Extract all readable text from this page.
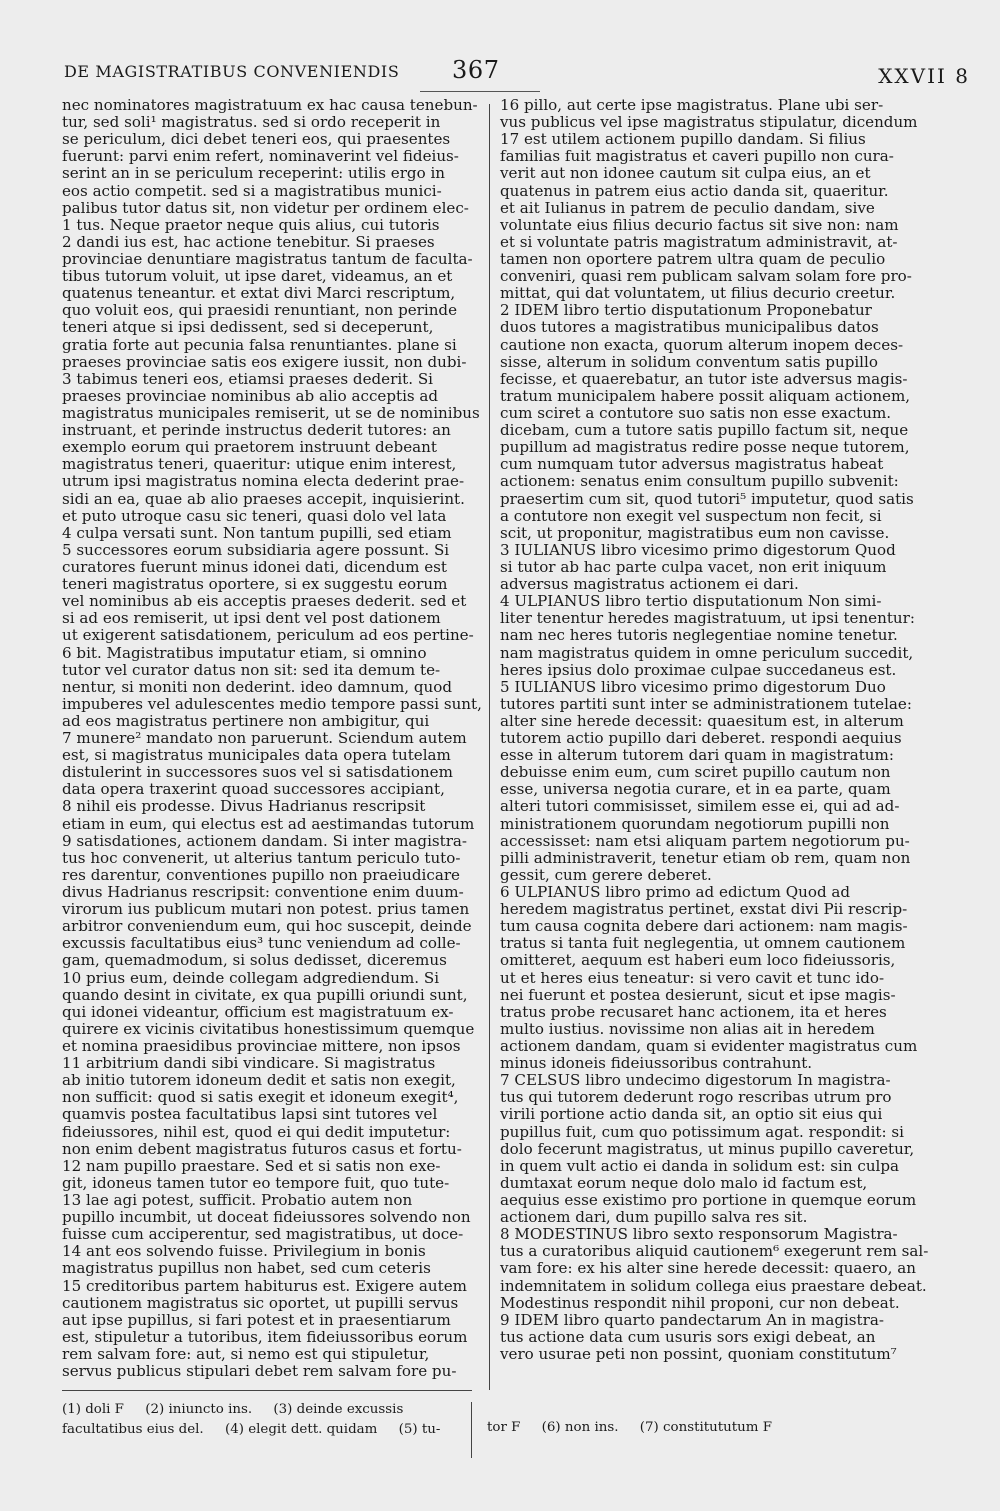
DE MAGISTRATIBUS CONVENIENDIS 367	XXVII 8
nec nominatores magistratuum ex hac causa tenebun-
tur, sed soli¹ magistratus. sed si ordo receperit in
se periculum, dici debet teneri eos, qui praesentes
fuerunt: parvi enim refert, nominaverint vel fideius-
serint an in se periculum receperint: utilis ergo in
eos actio competit. sed si a magistratibus munici-
palibus tutor datus sit, non videtur per ordinem elec-
1 tus. Neque praetor neque quis alius, cui tutoris
2 dandi ius est, hac actione tenebitur. Si praeses
provinciae denuntiare magistratus tantum de faculta-
tibus tutorum voluit, ut ipse daret, videamus, an et
quatenus teneantur. et extat divi Marci rescriptum,
quo voluit eos, qui praesidi renuntiant, non perinde
teneri atque si ipsi dedissent, sed si deceperunt,
gratia forte aut pecunia falsa renuntiantes. plane si
praeses provinciae satis eos exigere iussit, non dubi-
3 tabimus teneri eos, etiamsi praeses dederit. Si
praeses provinciae nominibus ab alio acceptis ad
magistratus municipales remiserit, ut se de nominibus
instruant, et perinde instructus dederit tutores: an
exemplo eorum qui praetorem instruunt debeant
magistratus teneri, quaeritur: utique enim interest,
utrum ipsi magistratus nomina electa dederint prae-
sidi an ea, quae ab alio praeses accepit, inquisierint.
et puto utroque casu sic teneri, quasi dolo vel lata
4 culpa versati sunt. Non tantum pupilli, sed etiam
5 successores eorum subsidiaria agere possunt. Si
curatores fuerunt minus idonei dati, dicendum est
teneri magistratus oportere, si ex suggestu eorum
vel nominibus ab eis acceptis praeses dederit. sed et
si ad eos remiserit, ut ipsi dent vel post dationem
ut exigerent satisdationem, periculum ad eos pertine-
6 bit. Magistratibus imputatur etiam, si omnino
tutor vel curator datus non sit: sed ita demum te-
nentur, si moniti non dederint. ideo damnum, quod
impuberes vel adulescentes medio tempore passi sunt,
ad eos magistratus pertinere non ambigitur, qui
7 munere² mandato non paruerunt. Sciendum autem
est, si magistratus municipales data opera tutelam
distulerint in successores suos vel si satisdationem
data opera traxerint quoad successores accipiant,
8 nihil eis prodesse. Divus Hadrianus rescripsit
etiam in eum, qui electus est ad aestimandas tutorum
9 satisdationes, actionem dandam. Si inter magistra-
tus hoc convenerit, ut alterius tantum periculo tuto-
res darentur, conventiones pupillo non praeiudicare
divus Hadrianus rescripsit: conventione enim duum-
virorum ius publicum mutari non potest. prius tamen
arbitror conveniendum eum, qui hoc suscepit, deinde
excussis facultatibus eius³ tunc veniendum ad colle-
gam, quemadmodum, si solus dedisset, diceremus
10 prius eum, deinde collegam adgrediendum. Si
quando desint in civitate, ex qua pupilli oriundi sunt,
qui idonei videantur, officium est magistratuum ex-
quirere ex vicinis civitatibus honestissimum quemque
et nomina praesidibus provinciae mittere, non ipsos
11 arbitrium dandi sibi vindicare. Si magistratus
ab initio tutorem idoneum dedit et satis non exegit,
non sufficit: quod si satis exegit et idoneum exegit⁴,
quamvis postea facultatibus lapsi sint tutores vel
fideiussores, nihil est, quod ei qui dedit imputetur:
non enim debent magistratus futuros casus et fortu-
12 nam pupillo praestare. Sed et si satis non exe-
git, idoneus tamen tutor eo tempore fuit, quo tute-
13 lae agi potest, sufficit. Probatio autem non
pupillo incumbit, ut doceat fideiussores solvendo non
fuisse cum acciperentur, sed magistratibus, ut doce-
14 ant eos solvendo fuisse. Privilegium in bonis
magistratus pupillus non habet, sed cum ceteris
15 creditoribus partem habiturus est. Exigere autem
cautionem magistratus sic oportet, ut pupilli servus
aut ipse pupillus, si fari potest et in praesentiarum
est, stipuletur a tutoribus, item fideiussoribus eorum
rem salvam fore: aut, si nemo est qui stipuletur,
servus publicus stipulari debet rem salvam fore pu-
16 pillo, aut certe ipse magistratus. Plane ubi ser-
vus publicus vel ipse magistratus stipulatur, dicendum
17 est utilem actionem pupillo dandam. Si filius
familias fuit magistratus et caveri pupillo non cura-
verit aut non idonee cautum sit culpa eius, an et
quatenus in patrem eius actio danda sit, quaeritur.
et ait Iulianus in patrem de peculio dandam, sive
voluntate eius filius decurio factus sit sive non: nam
et si voluntate patris magistratum administravit, at-
tamen non oportere patrem ultra quam de peculio
conveniri, quasi rem publicam salvam solam fore pro-
mittat, qui dat voluntatem, ut filius decurio creetur.
2 IDEM libro tertio disputationum Proponebatur
duos tutores a magistratibus municipalibus datos
cautione non exacta, quorum alterum inopem deces-
sisse, alterum in solidum conventum satis pupillo
fecisse, et quaerebatur, an tutor iste adversus magis-
tratum municipalem habere possit aliquam actionem,
cum sciret a contutore suo satis non esse exactum.
dicebam, cum a tutore satis pupillo factum sit, neque
pupillum ad magistratus redire posse neque tutorem,
cum numquam tutor adversus magistratus habeat
actionem: senatus enim consultum pupillo subvenit:
praesertim cum sit, quod tutori⁵ imputetur, quod satis
a contutore non exegit vel suspectum non fecit, si
scit, ut proponitur, magistratibus eum non cavisse.
3 IULIANUS libro vicesimo primo digestorum Quod
si tutor ab hac parte culpa vacet, non erit iniquum
adversus magistratus actionem ei dari.
4 ULPIANUS libro tertio disputationum Non simi-
liter tenentur heredes magistratuum, ut ipsi tenentur:
nam nec heres tutoris neglegentiae nomine tenetur.
nam magistratus quidem in omne periculum succedit,
heres ipsius dolo proximae culpae succedaneus est.
5 IULIANUS libro vicesimo primo digestorum Duo
tutores partiti sunt inter se administrationem tutelae:
alter sine herede decessit: quaesitum est, in alterum
tutorem actio pupillo dari deberet. respondi aequius
esse in alterum tutorem dari quam in magistratum:
debuisse enim eum, cum sciret pupillo cautum non
esse, universa negotia curare, et in ea parte, quam
alteri tutori commisisset, similem esse ei, qui ad ad-
ministrationem quorundam negotiorum pupilli non
accessisset: nam etsi aliquam partem negotiorum pu-
pilli administraverit, tenetur etiam ob rem, quam non
gessit, cum gerere deberet.
6 ULPIANUS libro primo ad edictum Quod ad
heredem magistratus pertinet, exstat divi Pii rescrip-
tum causa cognita debere dari actionem: nam magis-
tratus si tanta fuit neglegentia, ut omnem cautionem
omitteret, aequum est haberi eum loco fideiussoris,
ut et heres eius teneatur: si vero cavit et tunc ido-
nei fuerunt et postea desierunt, sicut et ipse magis-
tratus probe recusaret hanc actionem, ita et heres
multo iustius. novissime non alias ait in heredem
actionem dandam, quam si evidenter magistratus cum
minus idoneis fideiussoribus contrahunt.
7 CELSUS libro undecimo digestorum In magistra-
tus qui tutorem dederunt rogo rescribas utrum pro
virili portione actio danda sit, an optio sit eius qui
pupillus fuit, cum quo potissimum agat. respondit: si
dolo fecerunt magistratus, ut minus pupillo caveretur,
in quem vult actio ei danda in solidum est: sin culpa
dumtaxat eorum neque dolo malo id factum est,
aequius esse existimo pro portione in quemque eorum
actionem dari, dum pupillo salva res sit.
8 MODESTINUS libro sexto responsorum Magistra-
tus a curatoribus aliquid cautionem⁶ exegerunt rem sal-
vam fore: ex his alter sine herede decessit: quaero, an
indemnitatem in solidum collega eius praestare debeat.
Modestinus respondit nihil proponi, cur non debeat.
9 IDEM libro quarto pandectarum An in magistra-
tus actione data cum usuris sors exigi debeat, an
vero usurae peti non possint, quoniam constitutum⁷
(1) doli F     (2) iniuncto ins.     (3) deinde excussis
facultatibus eius del.     (4) elegit dett. quidam     (5) tu-	tor F     (6) non ins.     (7) constitututum F
